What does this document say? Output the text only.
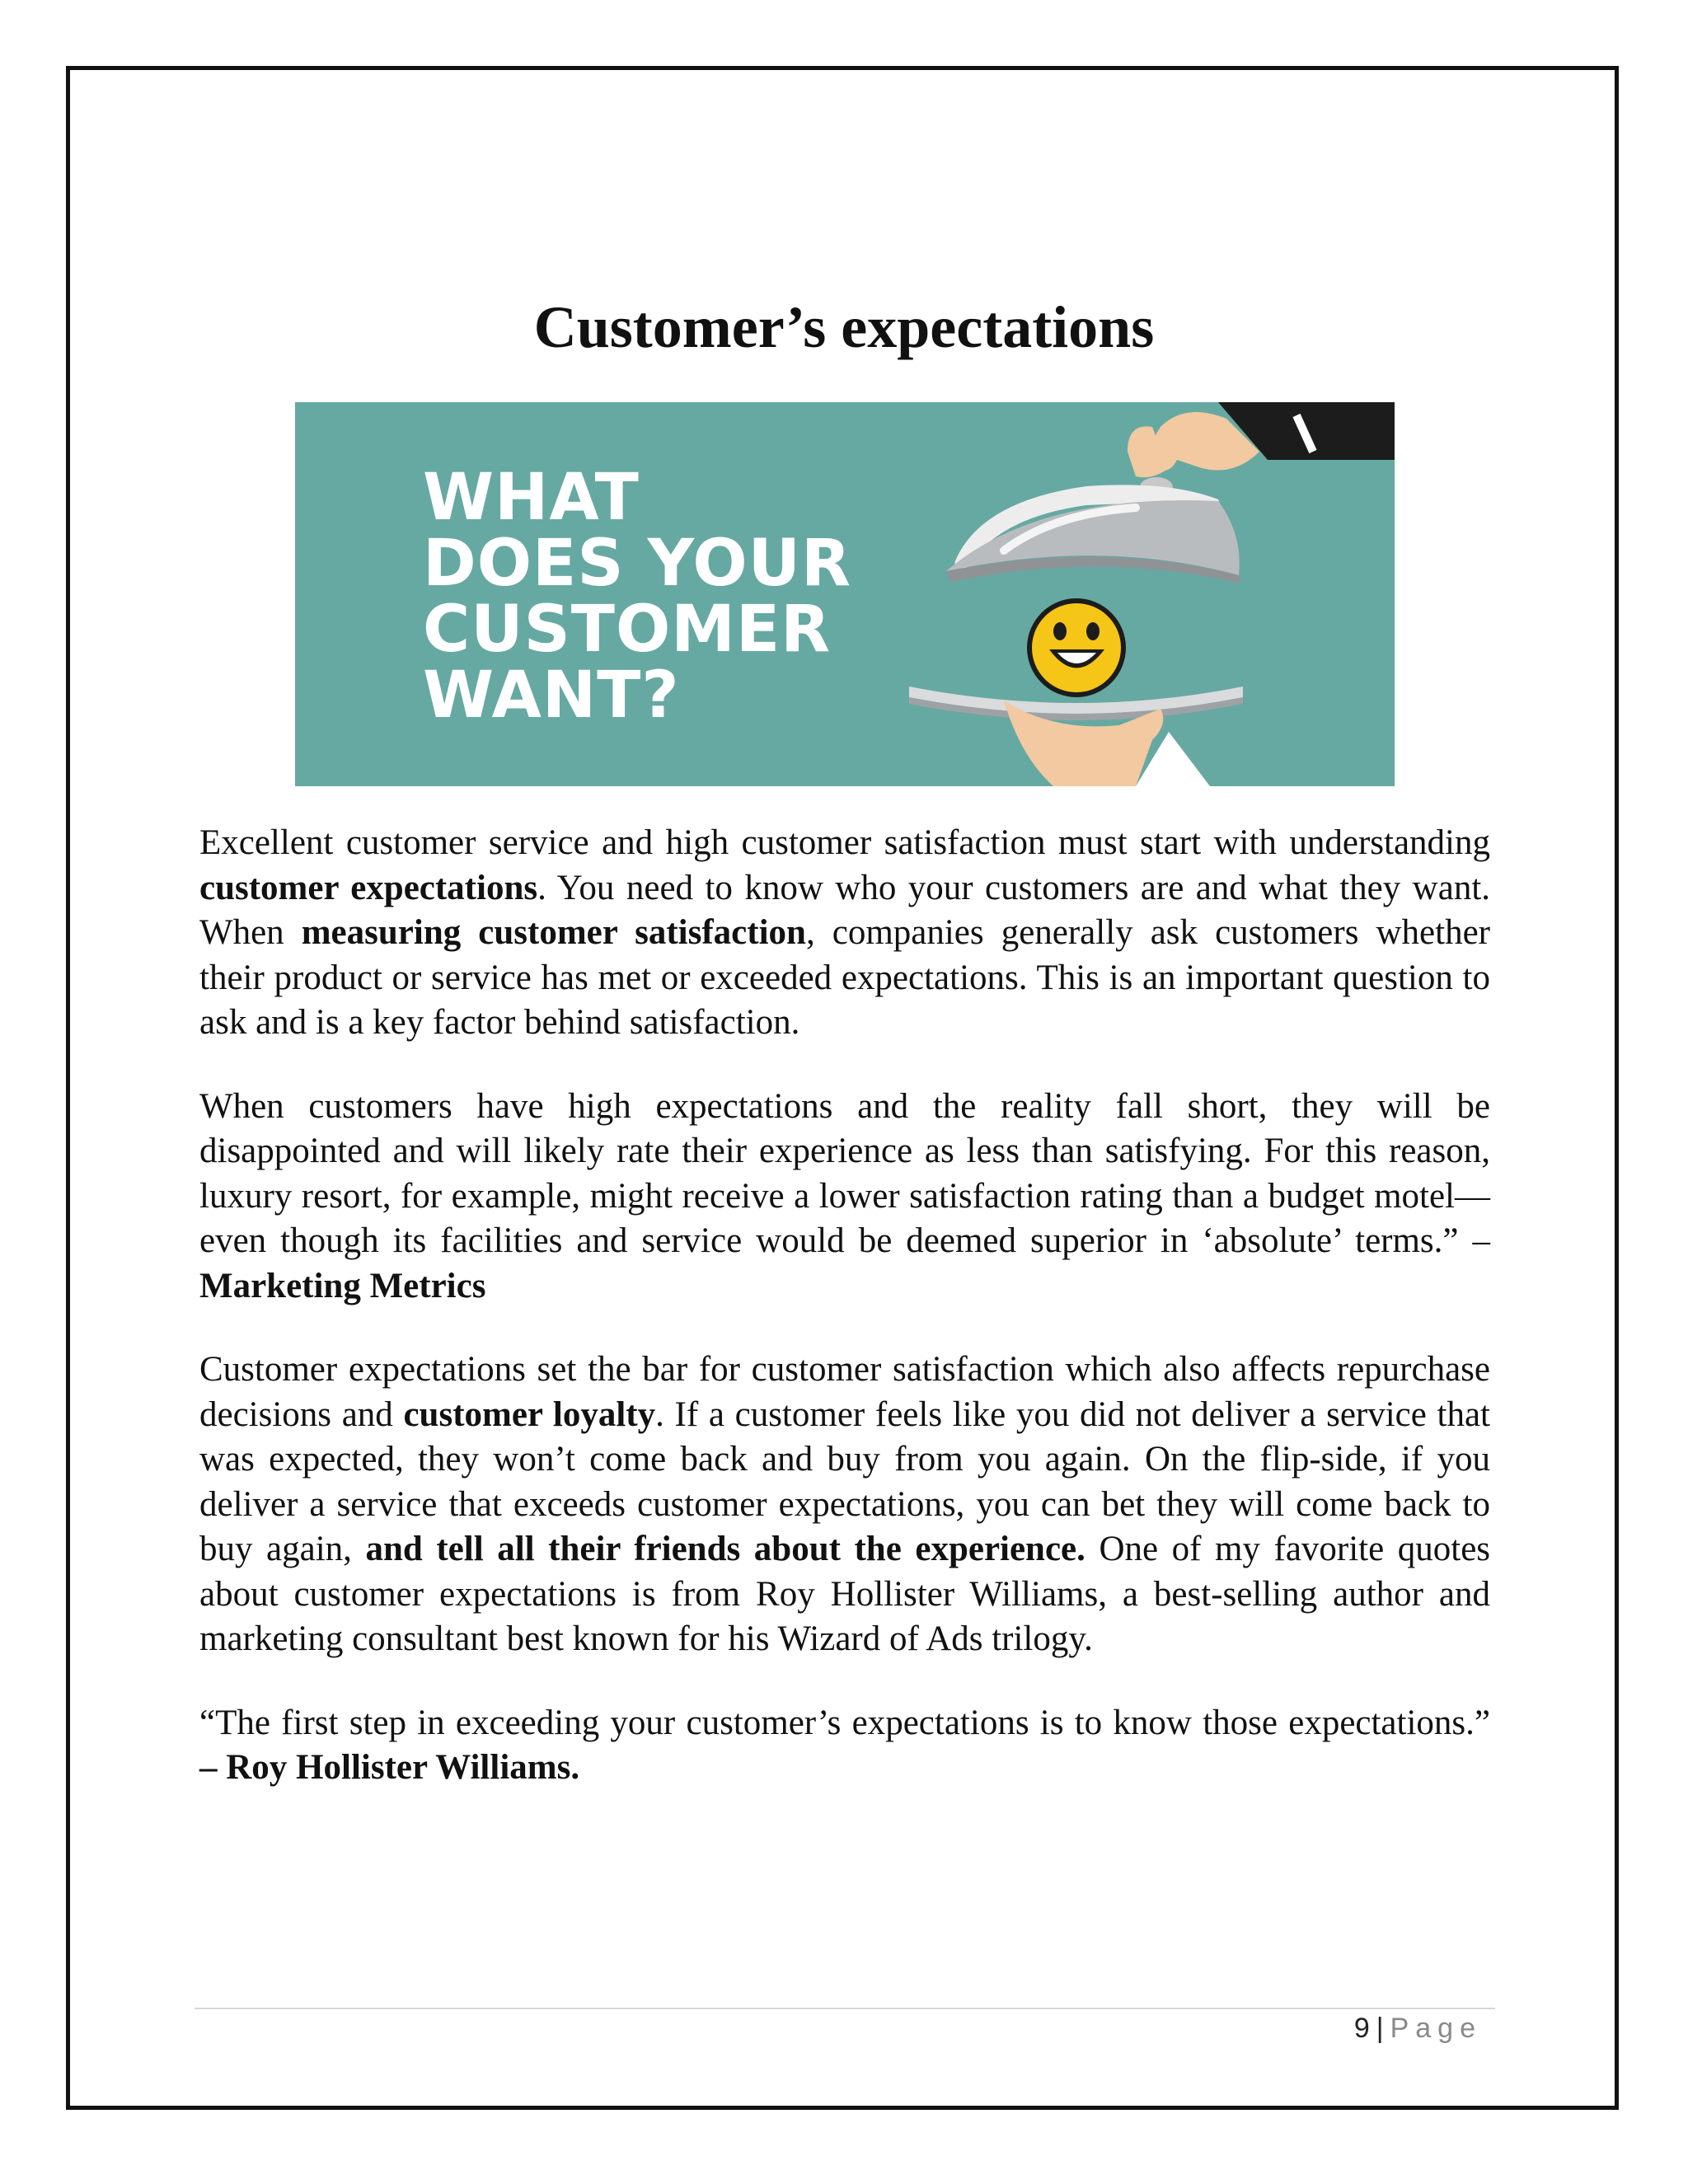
Customer’s expectations
WHAT
DOES YOUR
CUSTOMER
WANT?

Excellent customer service and high customer satisfaction must start with understanding customer expectations. You need to know who your customers are and what they want. When measuring customer satisfaction, companies generally ask customers whether their product or service has met or exceeded expectations. This is an important question to ask and is a key factor behind satisfaction.

When customers have high expectations and the reality fall short, they will be disappointed and will likely rate their experience as less than satisfying. For this reason, luxury resort, for example, might receive a lower satisfaction rating than a budget motel—even though its facilities and service would be deemed superior in ‘absolute’ terms.” – Marketing Metrics

Customer expectations set the bar for customer satisfaction which also affects repurchase decisions and customer loyalty. If a customer feels like you did not deliver a service that was expected, they won’t come back and buy from you again. On the flip-side, if you deliver a service that exceeds customer expectations, you can bet they will come back to buy again, and tell all their friends about the experience. One of my favorite quotes about customer expectations is from Roy Hollister Williams, a best-selling author and marketing consultant best known for his Wizard of Ads trilogy.

“The first step in exceeding your customer’s expectations is to know those expectations.” – Roy Hollister Williams.

9 | Page
